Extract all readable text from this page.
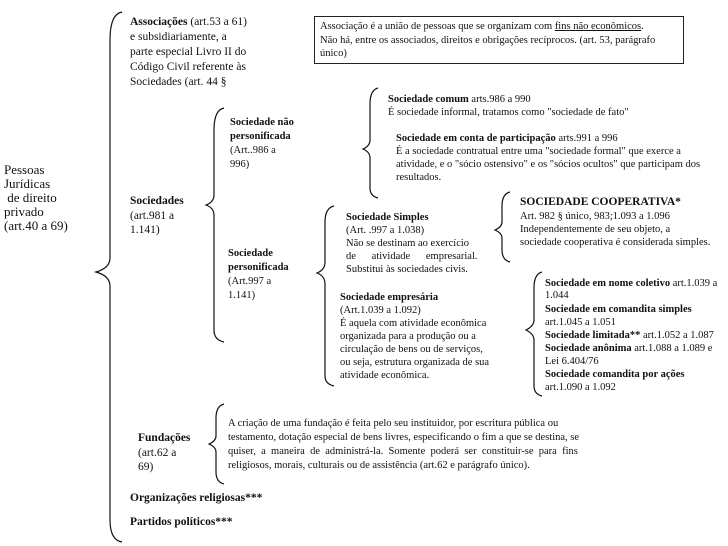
Pessoas
Jurídicas
de direito
privado
(art.40 a 69)
Associações (art.53 a 61)
e subsidiariamente, a
parte especial Livro II do
Código Civil referente às
Sociedades (art. 44 §
Associação é a união de pessoas que se organizam com fins não econômicos.
Não há, entre os associados, direitos e obrigações recíprocos. (art. 53, parágrafo
único)
Sociedades
(art.981 a
1.141)
Sociedade não
personificada
(Art..986 a
996)
Sociedade comum arts.986 a 990
É sociedade informal, tratamos como "sociedade de fato"
Sociedade em conta de participação arts.991 a 996
É a sociedade contratual entre uma "sociedade formal" que exerce a
atividade, e o "sócio ostensivo" e os "sócios ocultos" que participam dos
resultados.
Sociedade
personificada
(Art.997 a
1.141)
Sociedade Simples
(Art. .997 a 1.038)
Não se destinam ao exercício
de      atividade      empresarial.
Substitui às sociedades civis.
Sociedade empresária
(Art.1.039 a 1.092)
É aquela com atividade econômica
organizada para a produção ou a
circulação de bens ou de serviços,
ou seja, estrutura organizada de sua
atividade econômica.
SOCIEDADE COOPERATIVA*
Art. 982 § único, 983;1.093 a 1.096
Independentemente de seu objeto, a
sociedade cooperativa é considerada simples.
Sociedade em nome coletivo art.1.039 a
1.044
Sociedade em comandita simples
art.1.045 a 1.051
Sociedade limitada** art.1.052 a 1.087
Sociedade anônima art.1.088 a 1.089 e
Lei 6.404/76
Sociedade comandita por ações
art.1.090 a 1.092
Fundações
(art.62 a
69)
A criação de uma fundação é feita pelo seu instituidor, por escritura pública ou
testamento, dotação especial de bens livres, especificando o fim a que se destina, se
quiser,  a  maneira  de  administrá-la.  Somente  poderá  ser  constituir-se  para  fins
religiosos, morais, culturais ou de assistência (art.62 e parágrafo único).
Organizações religiosas***
Partidos políticos***
